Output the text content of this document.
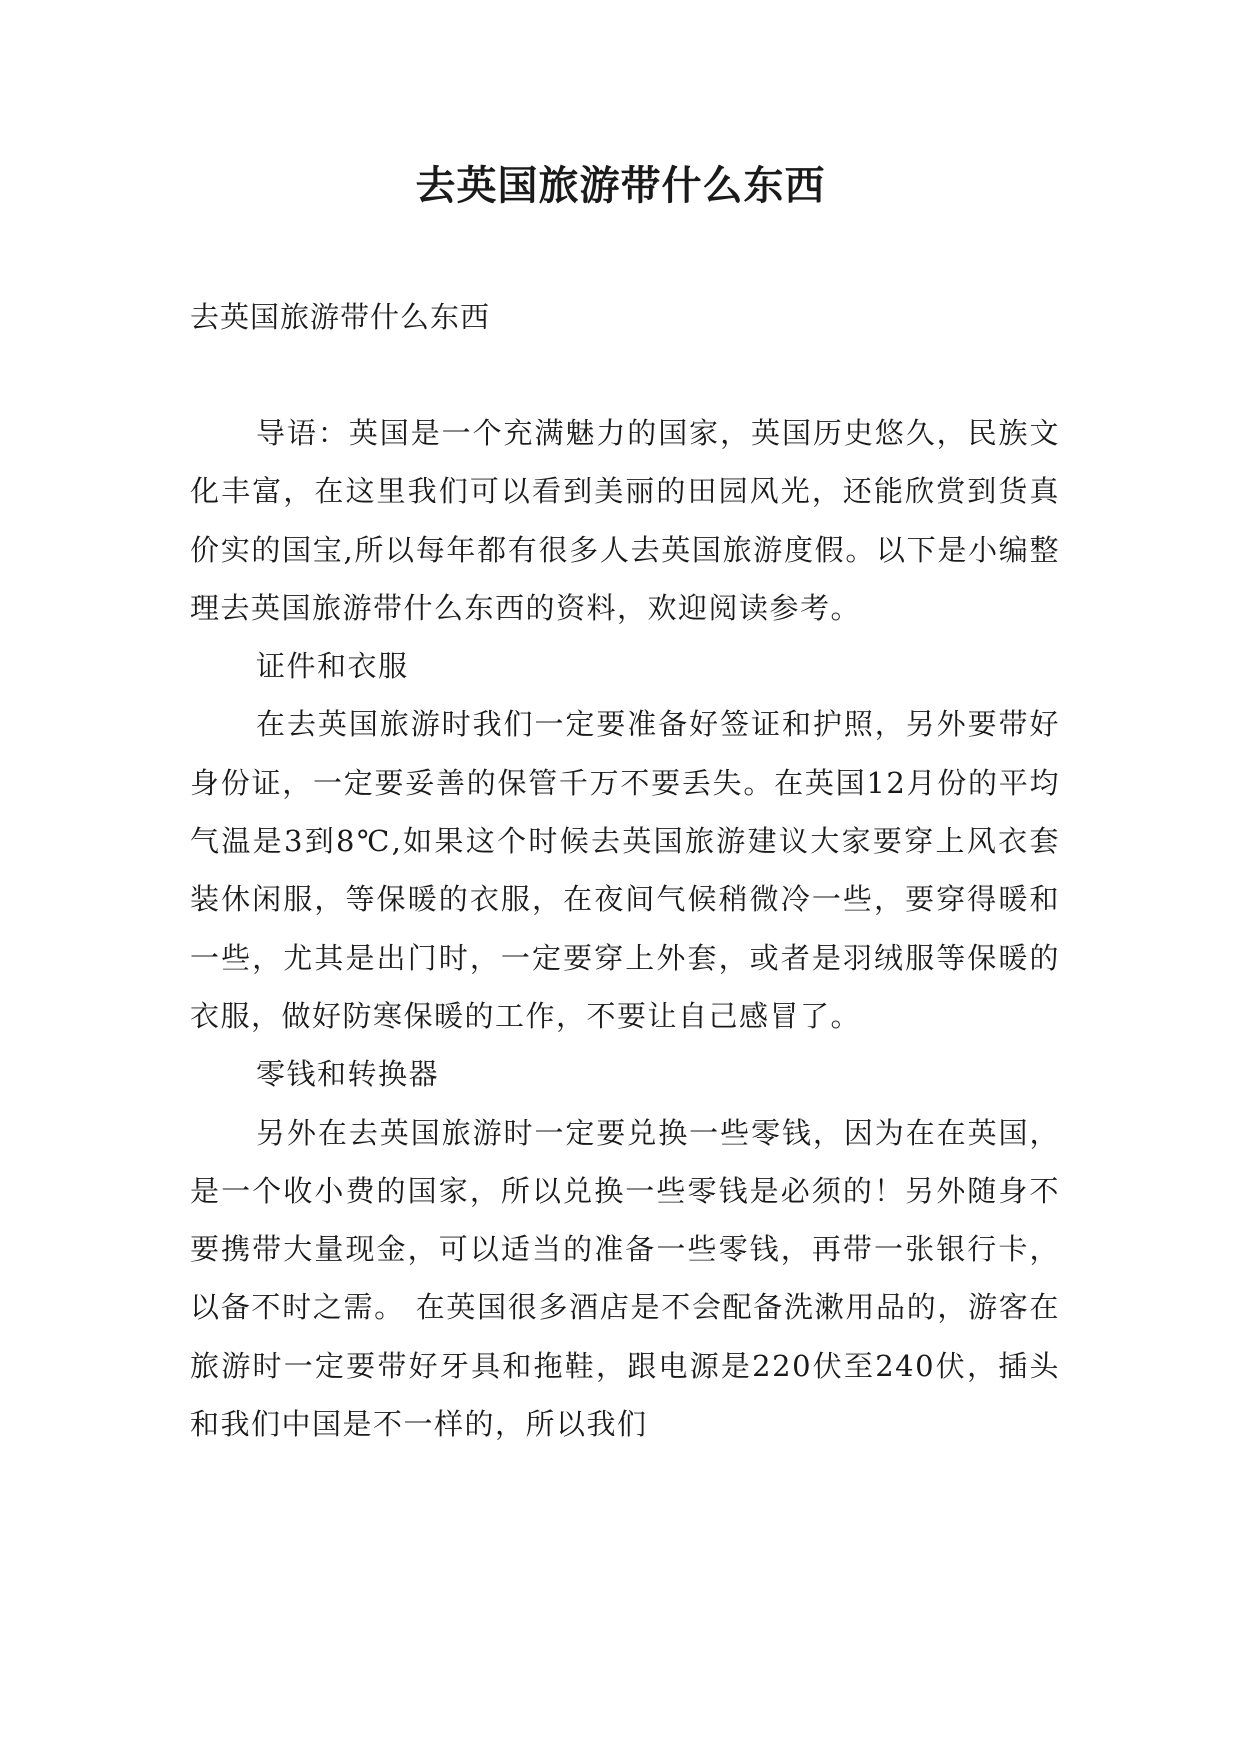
去英国旅游带什么东西

去英国旅游带什么东西

导语：英国是一个充满魅力的国家，英国历史悠久，民族文化丰富，在这里我们可以看到美丽的田园风光，还能欣赏到货真价实的国宝,所以每年都有很多人去英国旅游度假。以下是小编整理去英国旅游带什么东西的资料，欢迎阅读参考。

证件和衣服

在去英国旅游时我们一定要准备好签证和护照，另外要带好身份证，一定要妥善的保管千万不要丢失。在英国12月份的平均气温是3到8℃,如果这个时候去英国旅游建议大家要穿上风衣套装休闲服，等保暖的衣服，在夜间气候稍微冷一些，要穿得暖和一些，尤其是出门时，一定要穿上外套，或者是羽绒服等保暖的衣服，做好防寒保暖的工作，不要让自己感冒了。

零钱和转换器

另外在去英国旅游时一定要兑换一些零钱，因为在在英国，是一个收小费的国家，所以兑换一些零钱是必须的！另外随身不要携带大量现金，可以适当的准备一些零钱，再带一张银行卡，以备不时之需。 在英国很多酒店是不会配备洗漱用品的，游客在旅游时一定要带好牙具和拖鞋，跟电源是220伏至240伏，插头和我们中国是不一样的，所以我们
